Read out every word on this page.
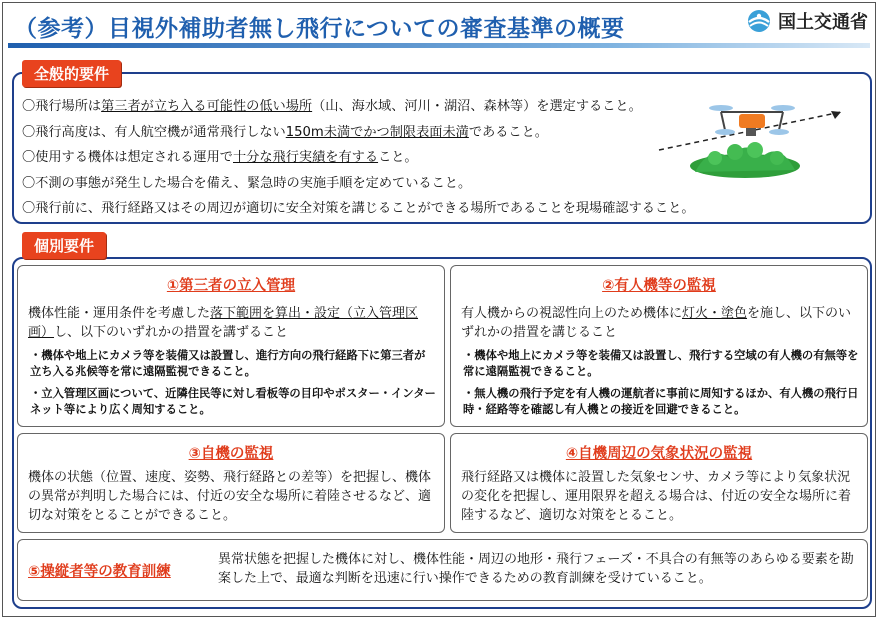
（参考）目視外補助者無し飛行についての審査基準の概要	国土交通省
全般的要件
〇飛行場所は第三者が立ち入る可能性の低い場所（山、海水域、河川・湖沼、森林等）を選定すること。
〇飛行高度は、有人航空機が通常飛行しない150m未満でかつ制限表面未満であること。
〇使用する機体は想定される運用で十分な飛行実績を有すること。
〇不測の事態が発生した場合を備え、緊急時の実施手順を定めていること。
〇飛行前に、飛行経路又はその周辺が適切に安全対策を講じることができる場所であることを現場確認すること。
個別要件
①第三者の立入管理
機体性能・運用条件を考慮した落下範囲を算出・設定（立入管理区画）し、以下のいずれかの措置を講ずること
・機体や地上にカメラ等を装備又は設置し、進行方向の飛行経路下に第三者が立ち入る兆候等を常に遠隔監視できること。
・立入管理区画について、近隣住民等に対し看板等の目印やポスター・インターネット等により広く周知すること。
②有人機等の監視
有人機からの視認性向上のため機体に灯火・塗色を施し、以下のいずれかの措置を講じること
・機体や地上にカメラ等を装備又は設置し、飛行する空域の有人機の有無等を常に遠隔監視できること。
・無人機の飛行予定を有人機の運航者に事前に周知するほか、有人機の飛行日時・経路等を確認し有人機との接近を回避できること。
③自機の監視
機体の状態（位置、速度、姿勢、飛行経路との差等）を把握し、機体の異常が判明した場合には、付近の安全な場所に着陸させるなど、適切な対策をとることができること。
④自機周辺の気象状況の監視
飛行経路又は機体に設置した気象センサ、カメラ等により気象状況の変化を把握し、運用限界を超える場合は、付近の安全な場所に着陸するなど、適切な対策をとること。
⑤操縦者等の教育訓練
異常状態を把握した機体に対し、機体性能・周辺の地形・飛行フェーズ・不具合の有無等のあらゆる要素を勘案した上で、最適な判断を迅速に行い操作できるための教育訓練を受けていること。
